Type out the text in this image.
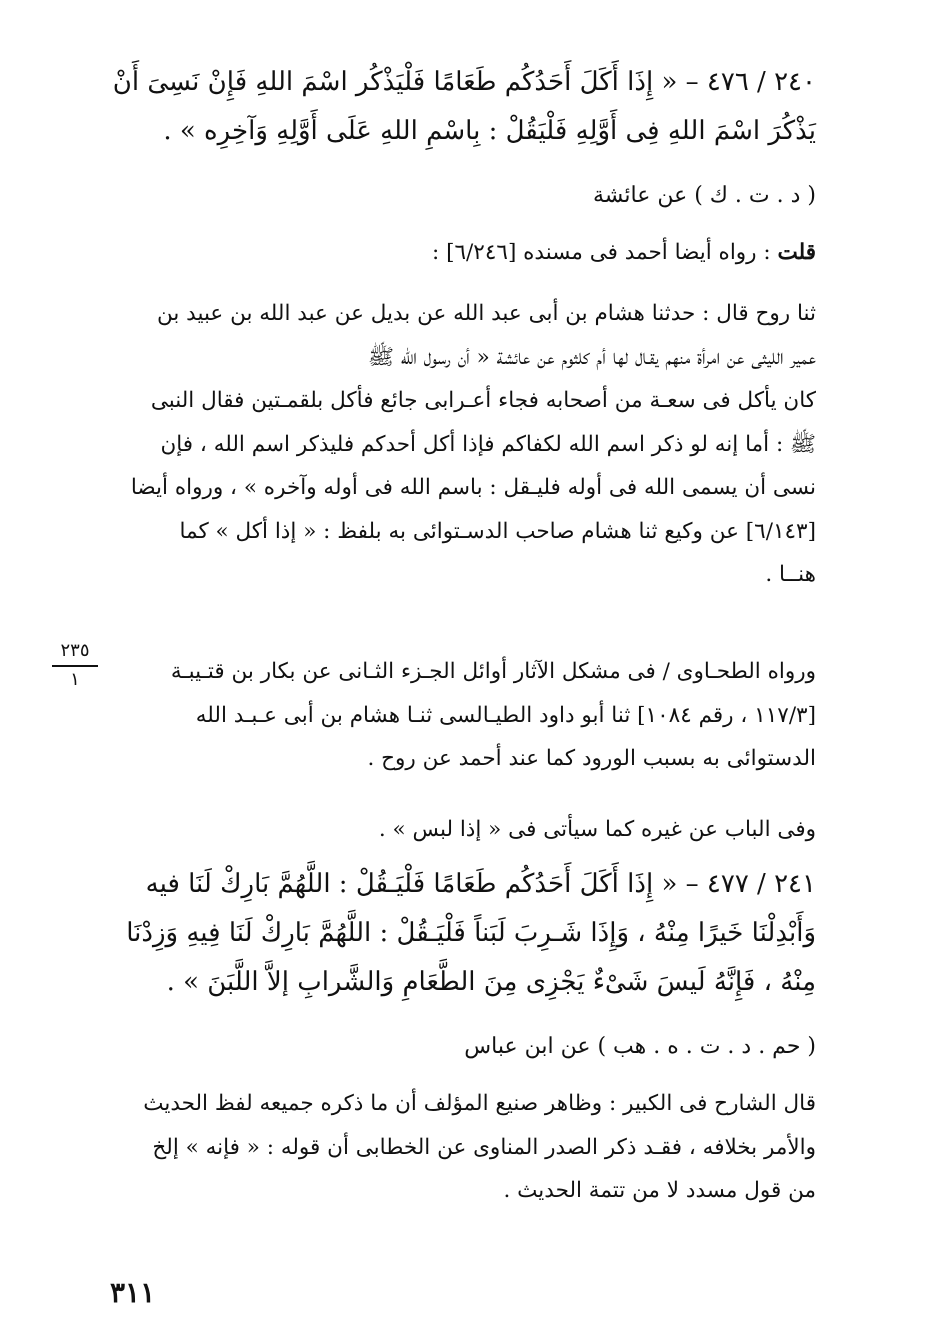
٢٤٠ / ٤٧٦ – « إِذَا أَكَلَ أَحَدُكُم طَعَامًا فَلْيَذْكُر اسْمَ اللهِ فَإِنْ نَسِىَ أَنْ
يَذْكُرَ اسْمَ اللهِ فِى أَوَّلِهِ فَلْيَقُلْ : بِاسْمِ اللهِ عَلَى أَوَّلِهِ وَآخِرِه » .
( د . ت . ك ) عن عائشة
قلت : رواه أيضا أحمد فى مسنده [٦/٢٤٦] :
ثنا روح قال : حدثنا هشام بن أبى عبد الله عن بديل عن عبد الله بن عبيد بن
عمير الليثى عن امرأة منهم يقـال لها أم كلثوم عن عائشة « أن رسول الله ﷺ
كان يأكل فى سعـة من أصحابه فجاء أعـرابى جائع فأكل بلقمـتين فقال النبى
ﷺ : أما إنه لو ذكر اسم الله لكفاكم فإذا أكل أحدكم فليذكر اسم الله ، فإن
نسى أن يسمى الله فى أوله فليـقل : باسم الله فى أوله وآخره » ، ورواه أيضا
[٦/١٤٣] عن وكيع ثنا هشام صاحب الدسـتوائى به بلفظ : « إذا أكل » كما
هنــا .
ورواه الطحـاوى / فى مشكل الآثار أوائل الجـزء الثـانى عن بكار بن قتـيبـة
[١١٧/٣ ، رقم ١٠٨٤] ثنا أبو داود الطيـالسى ثنـا هشام بن أبى عـبـد الله
الدستوائى به بسبب الورود كما عند أحمد عن روح .
٢٣٥
١
وفى الباب عن غيره كما سيأتى فى « إذا لبس » .
٢٤١ / ٤٧٧ – « إِذَا أَكَلَ أَحَدُكُم طَعَامًا فَلْيَـقُلْ : اللَّهُمَّ بَارِكْ لَنَا فيه
وَأَبْدِلْنَا خَيرًا مِنْهُ ، وَإِذَا شَـرِبَ لَبَناً فَلْيَـقُلْ : اللَّهُمَّ بَارِكْ لَنَا فِيهِ وَزِدْنَا
مِنْهُ ، فَإِنَّهُ لَيسَ شَىْءٌ يَجْزِى مِنَ الطَّعَامِ وَالشَّرابِ إلاَّ اللَّبَنَ » .
( حم . د . ت . ه . هب ) عن ابن عباس
قال الشارح فى الكبير : وظاهر صنيع المؤلف أن ما ذكره جميعه لفظ الحديث
والأمر بخلافه ، فقـد ذكر الصدر المناوى عن الخطابى أن قوله : « فإنه » إلخ
من قول مسدد لا من تتمة الحديث .
٣١١
